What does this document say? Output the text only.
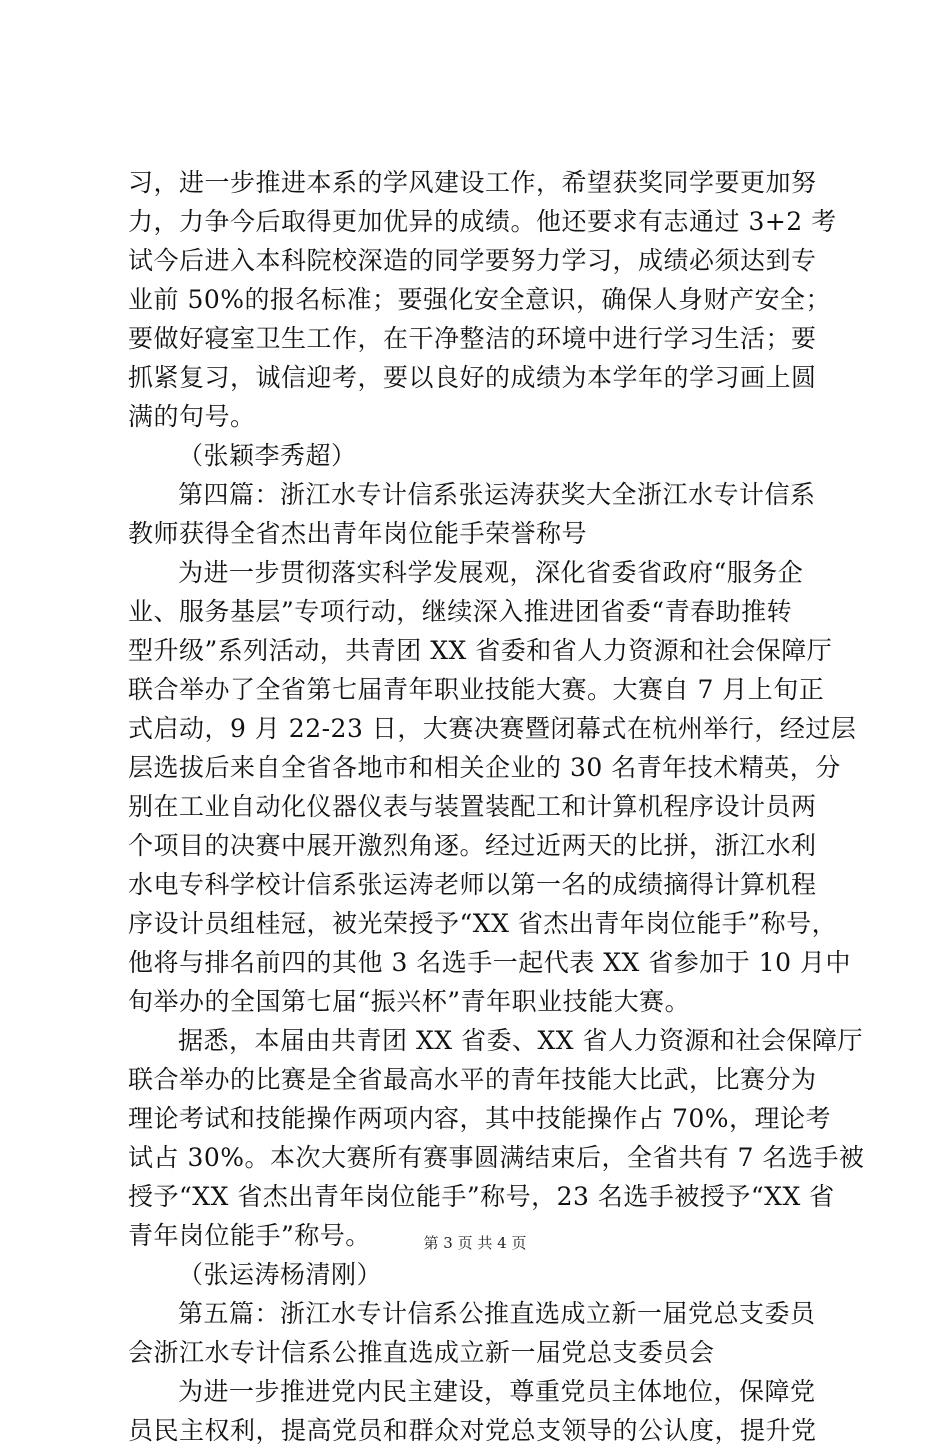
习，进一步推进本系的学风建设工作，希望获奖同学要更加努
力，力争今后取得更加优异的成绩。他还要求有志通过 3+2 考
试今后进入本科院校深造的同学要努力学习，成绩必须达到专
业前 50%的报名标准；要强化安全意识，确保人身财产安全；
要做好寝室卫生工作，在干净整洁的环境中进行学习生活；要
抓紧复习，诚信迎考，要以良好的成绩为本学年的学习画上圆
满的句号。
（张颖李秀超）
第四篇：浙江水专计信系张运涛获奖大全浙江水专计信系
教师获得全省杰出青年岗位能手荣誉称号
为进一步贯彻落实科学发展观，深化省委省政府“服务企
业、服务基层”专项行动，继续深入推进团省委“青春助推转
型升级”系列活动，共青团 XX 省委和省人力资源和社会保障厅
联合举办了全省第七届青年职业技能大赛。大赛自 7 月上旬正
式启动，9 月 22-23 日，大赛决赛暨闭幕式在杭州举行，经过层
层选拔后来自全省各地市和相关企业的 30 名青年技术精英，分
别在工业自动化仪器仪表与装置装配工和计算机程序设计员两
个项目的决赛中展开激烈角逐。经过近两天的比拼，浙江水利
水电专科学校计信系张运涛老师以第一名的成绩摘得计算机程
序设计员组桂冠，被光荣授予“XX 省杰出青年岗位能手”称号，
他将与排名前四的其他 3 名选手一起代表 XX 省参加于 10 月中
旬举办的全国第七届“振兴杯”青年职业技能大赛。
据悉，本届由共青团 XX 省委、XX 省人力资源和社会保障厅
联合举办的比赛是全省最高水平的青年技能大比武，比赛分为
理论考试和技能操作两项内容，其中技能操作占 70%，理论考
试占 30%。本次大赛所有赛事圆满结束后，全省共有 7 名选手被
授予“XX 省杰出青年岗位能手”称号，23 名选手被授予“XX 省
青年岗位能手”称号。
（张运涛杨清刚）
第五篇：浙江水专计信系公推直选成立新一届党总支委员
会浙江水专计信系公推直选成立新一届党总支委员会
为进一步推进党内民主建设，尊重党员主体地位，保障党
员民主权利，提高党员和群众对党总支领导的公认度，提升党
第 3 页 共 4 页
